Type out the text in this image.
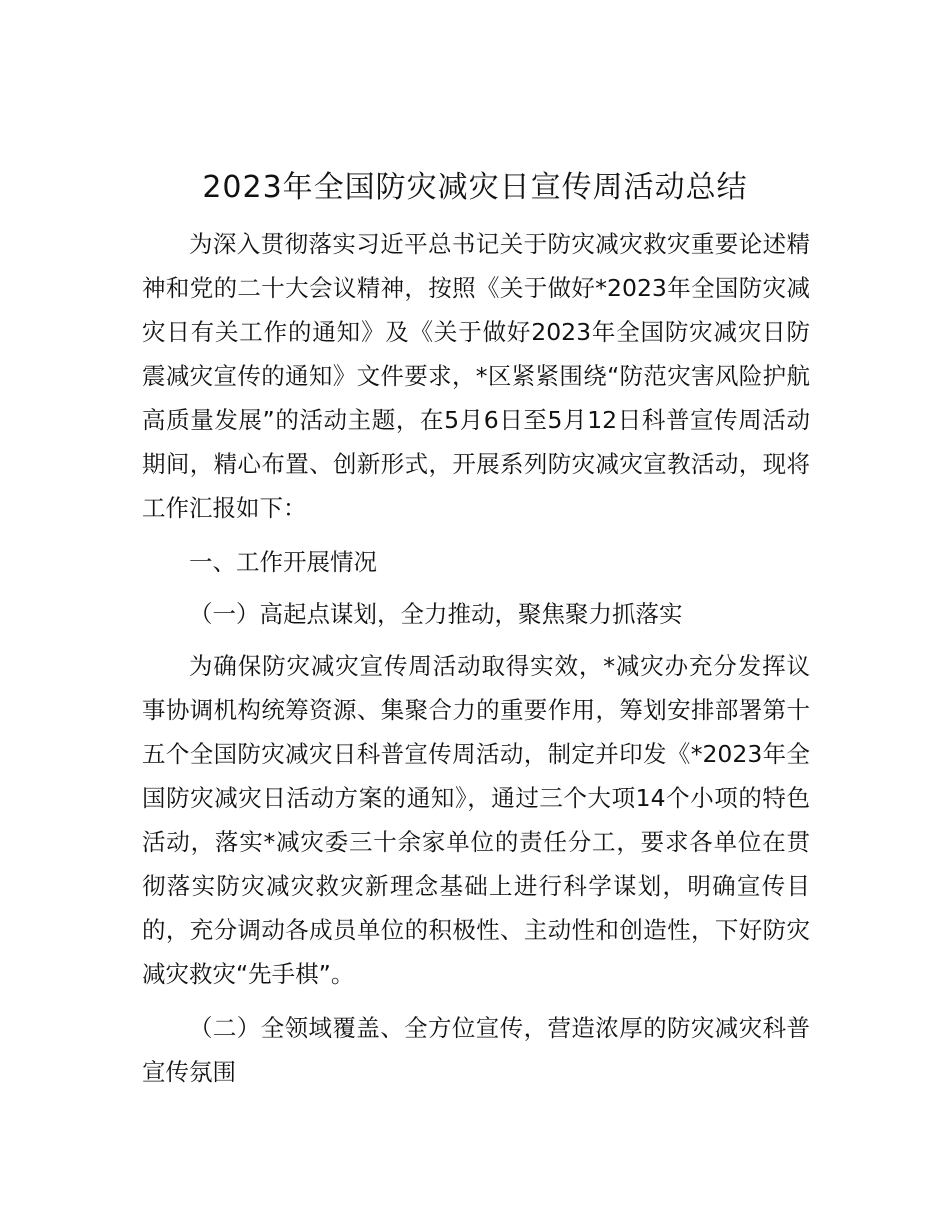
2023年全国防灾减灾日宣传周活动总结

为深入贯彻落实习近平总书记关于防灾减灾救灾重要论述精神和党的二十大会议精神，按照《关于做好*2023年全国防灾减灾日有关工作的通知》及《关于做好2023年全国防灾减灾日防震减灾宣传的通知》文件要求，*区紧紧围绕“防范灾害风险护航高质量发展”的活动主题，在5月6日至5月12日科普宣传周活动期间，精心布置、创新形式，开展系列防灾减灾宣教活动，现将工作汇报如下：

一、工作开展情况

（一）高起点谋划，全力推动，聚焦聚力抓落实

为确保防灾减灾宣传周活动取得实效，*减灾办充分发挥议事协调机构统筹资源、集聚合力的重要作用，筹划安排部署第十五个全国防灾减灾日科普宣传周活动，制定并印发《*2023年全国防灾减灾日活动方案的通知》，通过三个大项14个小项的特色活动，落实*减灾委三十余家单位的责任分工，要求各单位在贯彻落实防灾减灾救灾新理念基础上进行科学谋划，明确宣传目的，充分调动各成员单位的积极性、主动性和创造性，下好防灾减灾救灾“先手棋”。

（二）全领域覆盖、全方位宣传，营造浓厚的防灾减灾科普宣传氛围
